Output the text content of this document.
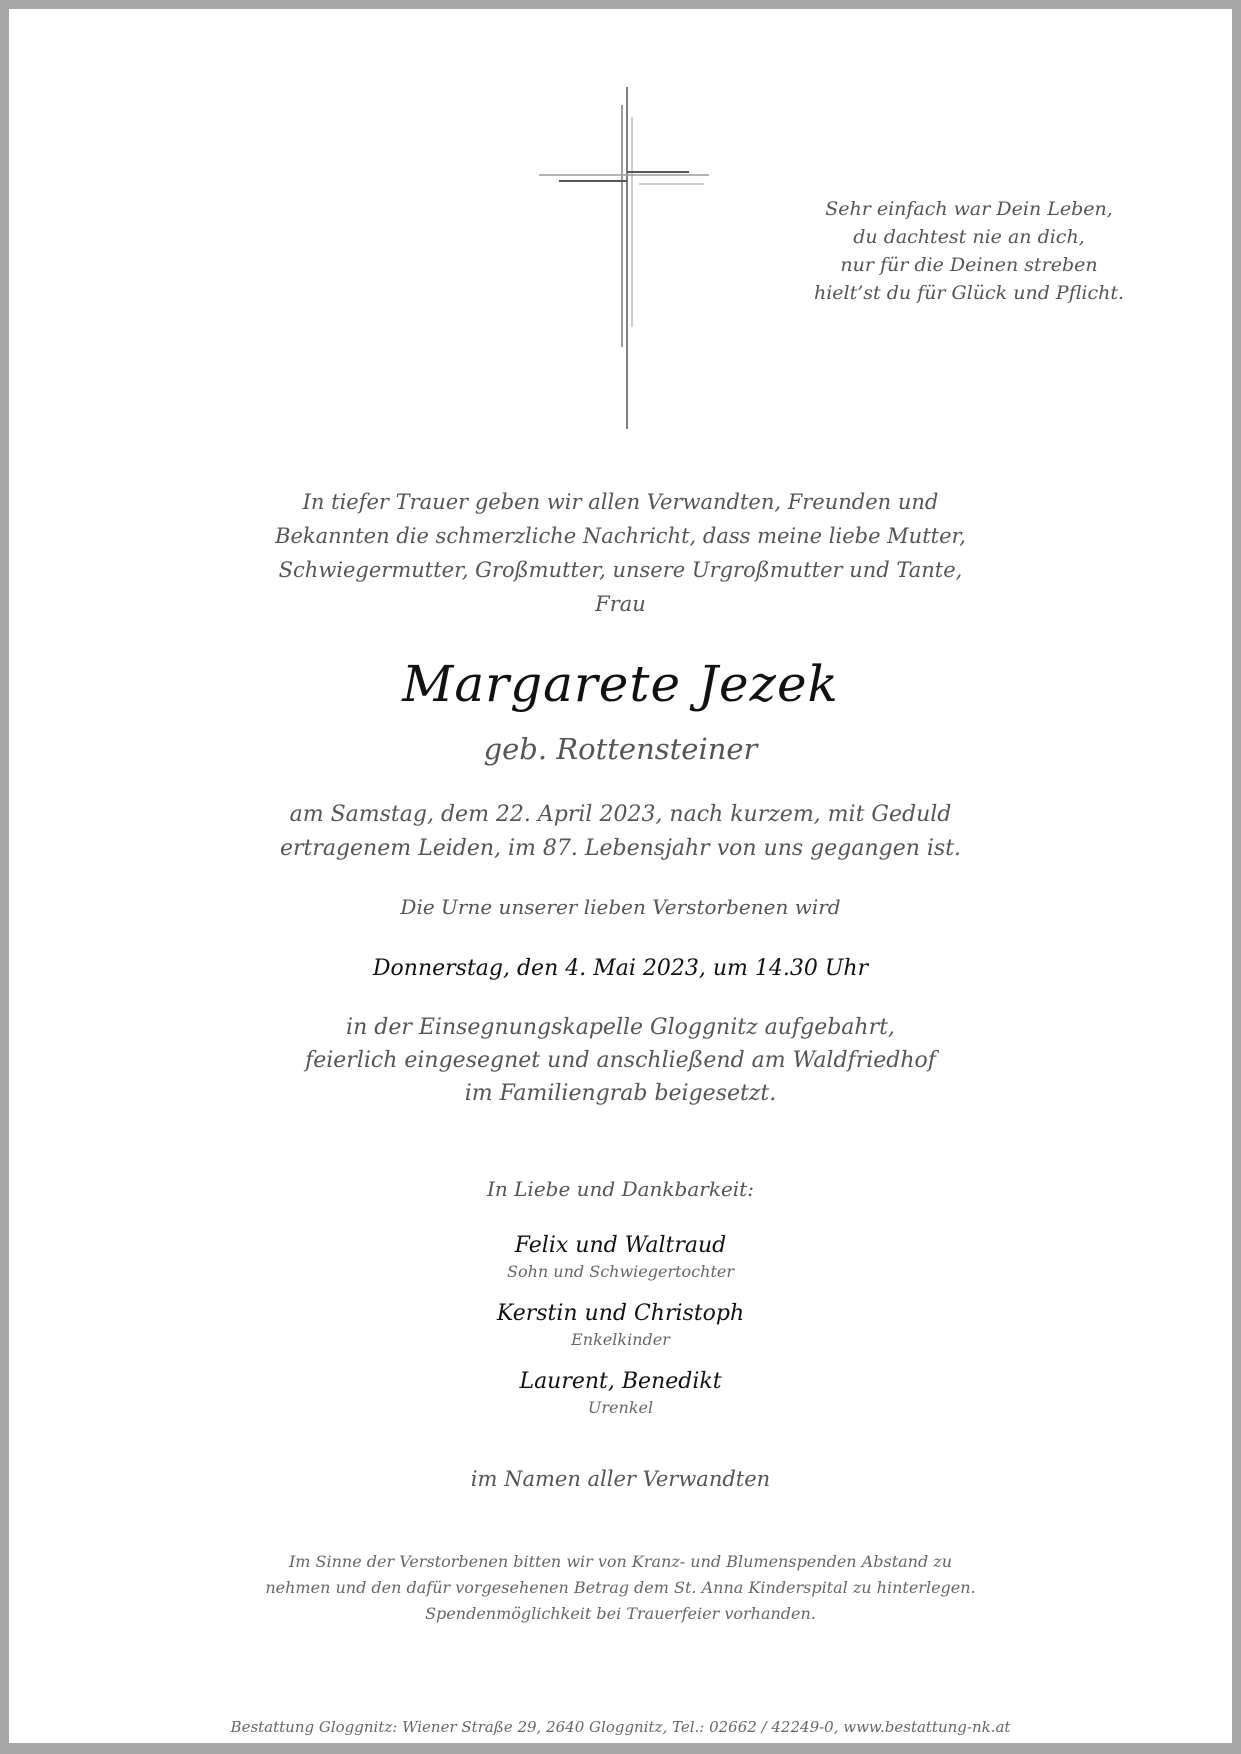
Sehr einfach war Dein Leben,
du dachtest nie an dich,
nur für die Deinen streben
hielt’st du für Glück und Pflicht.
In tiefer Trauer geben wir allen Verwandten, Freunden und
Bekannten die schmerzliche Nachricht, dass meine liebe Mutter,
Schwiegermutter, Großmutter, unsere Urgroßmutter und Tante,
Frau
Margarete Jezek
geb. Rottensteiner
am Samstag, dem 22. April 2023, nach kurzem, mit Geduld
ertragenem Leiden, im 87. Lebensjahr von uns gegangen ist.
Die Urne unserer lieben Verstorbenen wird
Donnerstag, den 4. Mai 2023, um 14.30 Uhr
in der Einsegnungskapelle Gloggnitz aufgebahrt,
feierlich eingesegnet und anschließend am Waldfriedhof
im Familiengrab beigesetzt.
In Liebe und Dankbarkeit:
Felix und Waltraud
Sohn und Schwiegertochter
Kerstin und Christoph
Enkelkinder
Laurent, Benedikt
Urenkel
im Namen aller Verwandten
Im Sinne der Verstorbenen bitten wir von Kranz- und Blumenspenden Abstand zu
nehmen und den dafür vorgesehenen Betrag dem St. Anna Kinderspital zu hinterlegen.
Spendenmöglichkeit bei Trauerfeier vorhanden.
Bestattung Gloggnitz: Wiener Straße 29, 2640 Gloggnitz, Tel.: 02662 / 42249-0, www.bestattung-nk.at
